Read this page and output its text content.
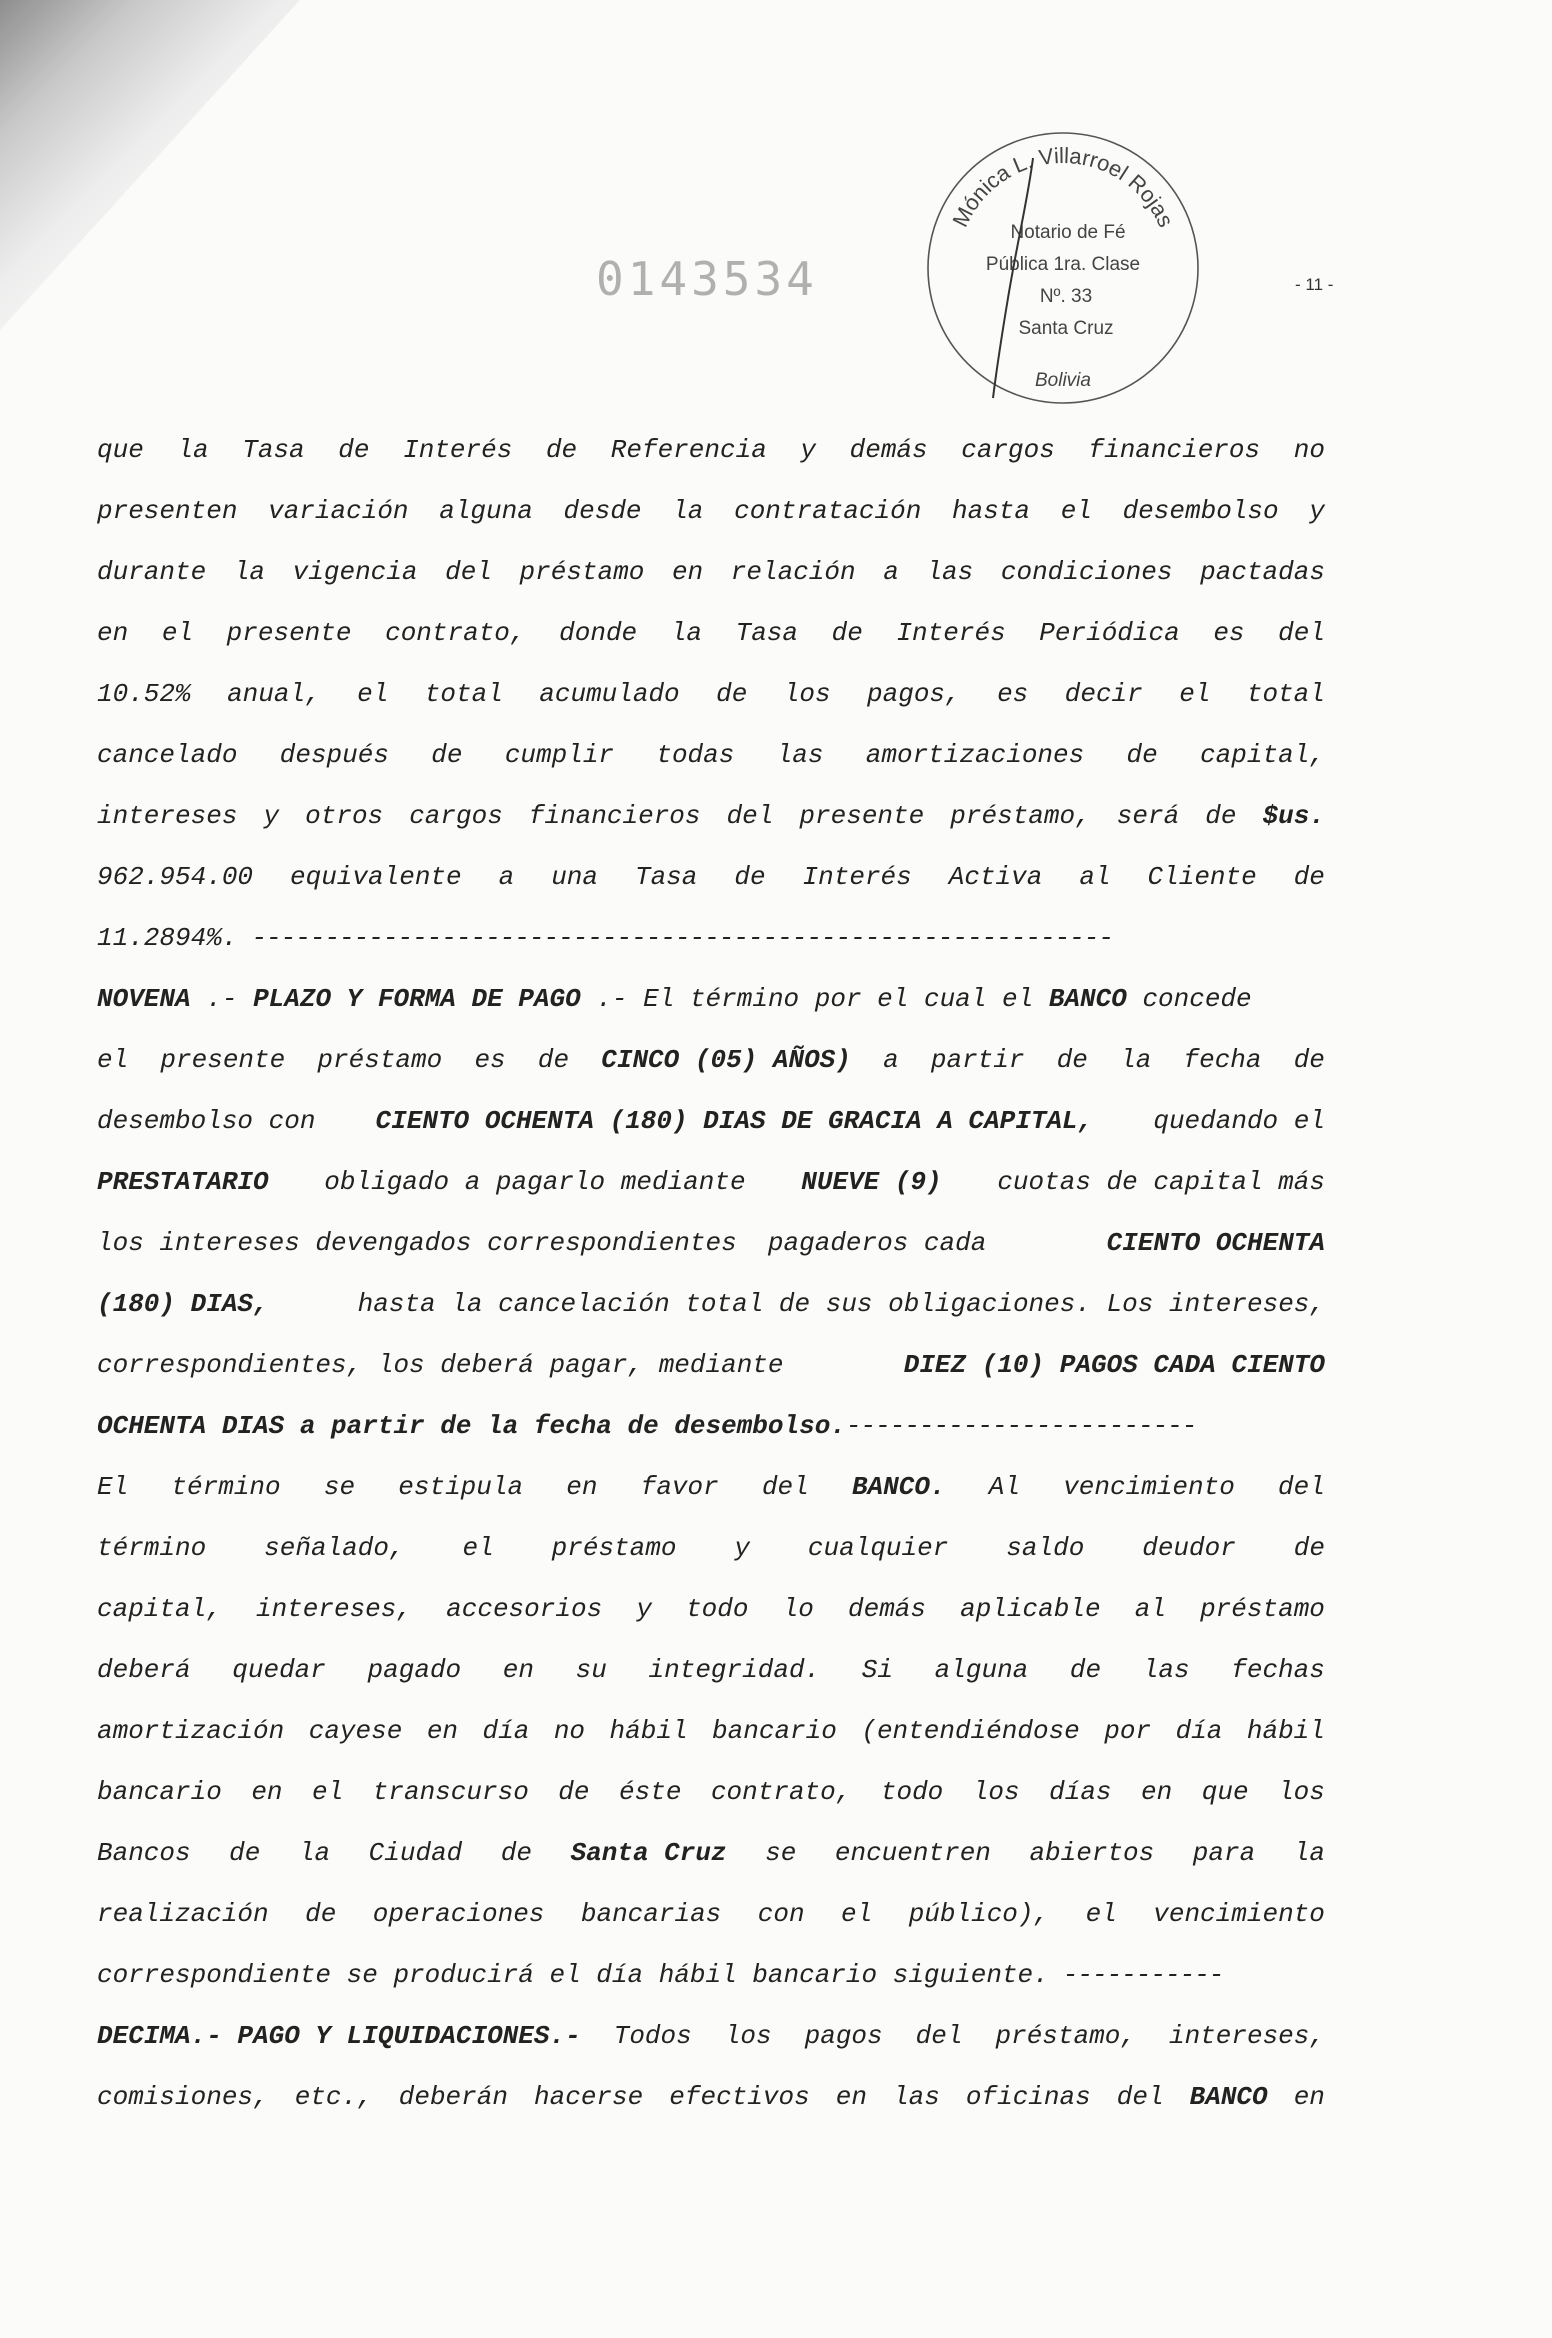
0143534
Mónica L. Villarroel Rojas
Notario de Fé
Pública 1ra. Clase
Nº. 33
Santa Cruz
Bolivia
- 11 -
que la Tasa de Interés de Referencia y demás cargos financieros no
presenten variación alguna desde la contratación hasta el desembolso y
durante la vigencia del préstamo en relación a las condiciones pactadas
en el presente contrato, donde la Tasa de Interés Periódica es del
10.52% anual, el total acumulado de los pagos, es decir el total
cancelado después de cumplir todas las amortizaciones de capital,
intereses y otros cargos financieros del presente préstamo, será de $us.
962.954.00 equivalente a una Tasa de Interés Activa al Cliente de
11.2894%. -----------------------------------------------------------
NOVENA .- PLAZO Y FORMA DE PAGO .- El término por el cual el BANCO concede
el presente préstamo es de CINCO (05) AÑOS) a partir de la fecha de
desembolso con CIENTO OCHENTA (180) DIAS DE GRACIA A CAPITAL, quedando el
PRESTATARIO obligado a pagarlo mediante NUEVE (9) cuotas de capital más
los intereses devengados correspondientes  pagaderos cada	CIENTO OCHENTA
(180) DIAS,	hasta la cancelación total de sus obligaciones. Los intereses,
correspondientes, los deberá pagar, mediante	DIEZ (10) PAGOS CADA CIENTO
OCHENTA DIAS a partir de la fecha de desembolso. ------------------------
El término se estipula en favor del BANCO. Al vencimiento del
término señalado, el préstamo y cualquier saldo deudor de
capital, intereses, accesorios y todo lo demás aplicable al préstamo
deberá quedar pagado en su integridad. Si alguna de las fechas
amortización cayese en día no hábil bancario (entendiéndose por día hábil
bancario en el transcurso de éste contrato, todo los días en que los
Bancos de la Ciudad de Santa Cruz se encuentren abiertos para la
realización de operaciones bancarias con el público), el vencimiento
correspondiente se producirá el día hábil bancario siguiente. -----------
DECIMA.- PAGO Y LIQUIDACIONES.- Todos los pagos del préstamo, intereses,
comisiones, etc., deberán hacerse efectivos en las oficinas del BANCO en
